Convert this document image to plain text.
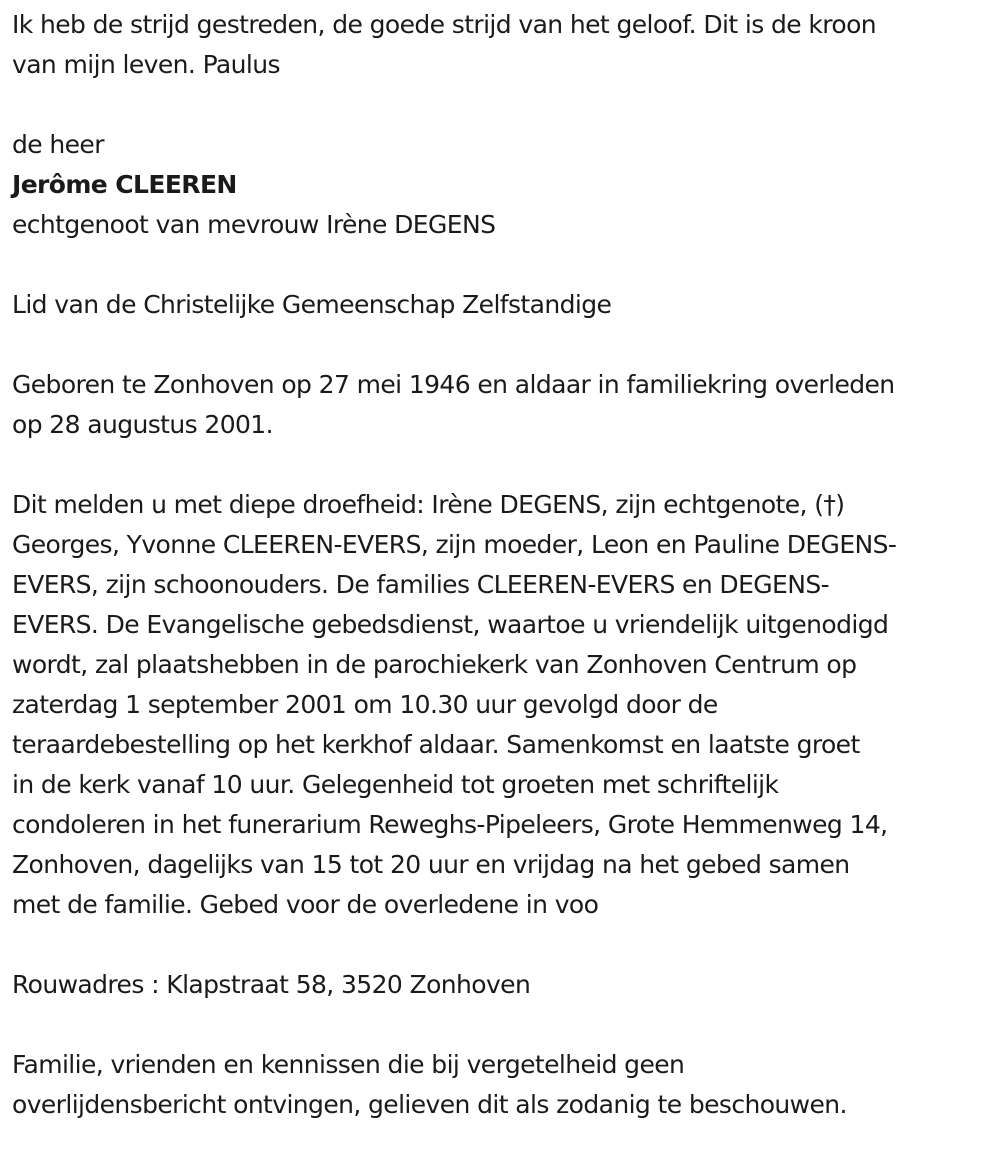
Ik heb de strijd gestreden, de goede strijd van het geloof. Dit is de kroon
van mijn leven. Paulus

de heer

Jerôme CLEEREN

echtgenoot van mevrouw Irène DEGENS

Lid van de Christelijke Gemeenschap Zelfstandige

Geboren te Zonhoven op 27 mei 1946 en aldaar in familiekring overleden
op 28 augustus 2001.

Dit melden u met diepe droefheid: Irène DEGENS, zijn echtgenote, (†)
Georges, Yvonne CLEEREN-EVERS, zijn moeder, Leon en Pauline DEGENS-
EVERS, zijn schoonouders. De families CLEEREN-EVERS en DEGENS-
EVERS. De Evangelische gebedsdienst, waartoe u vriendelijk uitgenodigd
wordt, zal plaatshebben in de parochiekerk van Zonhoven Centrum op
zaterdag 1 september 2001 om 10.30 uur gevolgd door de
teraardebestelling op het kerkhof aldaar. Samenkomst en laatste groet
in de kerk vanaf 10 uur. Gelegenheid tot groeten met schriftelijk
condoleren in het funerarium Reweghs-Pipeleers, Grote Hemmenweg 14,
Zonhoven, dagelijks van 15 tot 20 uur en vrijdag na het gebed samen
met de familie. Gebed voor de overledene in voo

Rouwadres : Klapstraat 58, 3520 Zonhoven

Familie, vrienden en kennissen die bij vergetelheid geen
overlijdensbericht ontvingen, gelieven dit als zodanig te beschouwen.
